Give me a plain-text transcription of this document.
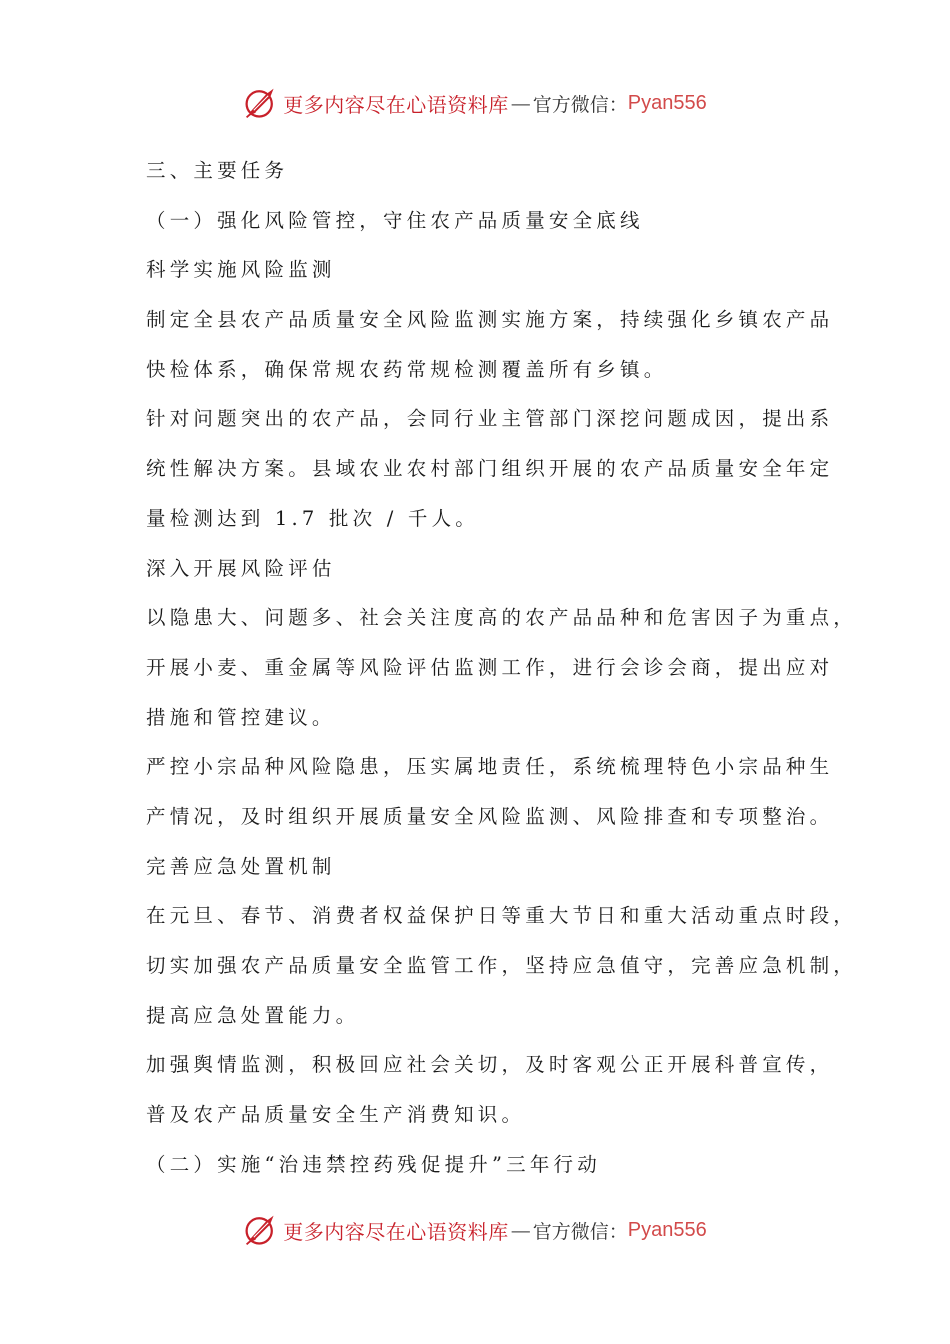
更多内容尽在心语资料库 — 官方微信： Pyan556
三、主要任务
（一）强化风险管控，守住农产品质量安全底线
科学实施风险监测
制定全县农产品质量安全风险监测实施方案，持续强化乡镇农产品
快检体系，确保常规农药常规检测覆盖所有乡镇。
针对问题突出的农产品，会同行业主管部门深挖问题成因，提出系
统性解决方案。县域农业农村部门组织开展的农产品质量安全年定
量检测达到 1.7 批次 / 千人。
深入开展风险评估
以隐患大、问题多、社会关注度高的农产品品种和危害因子为重点，
开展小麦、重金属等风险评估监测工作，进行会诊会商，提出应对
措施和管控建议。
严控小宗品种风险隐患，压实属地责任，系统梳理特色小宗品种生
产情况，及时组织开展质量安全风险监测、风险排查和专项整治。
完善应急处置机制
在元旦、春节、消费者权益保护日等重大节日和重大活动重点时段，
切实加强农产品质量安全监管工作，坚持应急值守，完善应急机制，
提高应急处置能力。
加强舆情监测，积极回应社会关切，及时客观公正开展科普宣传，
普及农产品质量安全生产消费知识。
（二）实施“治违禁控药残促提升”三年行动
更多内容尽在心语资料库 — 官方微信： Pyan556
